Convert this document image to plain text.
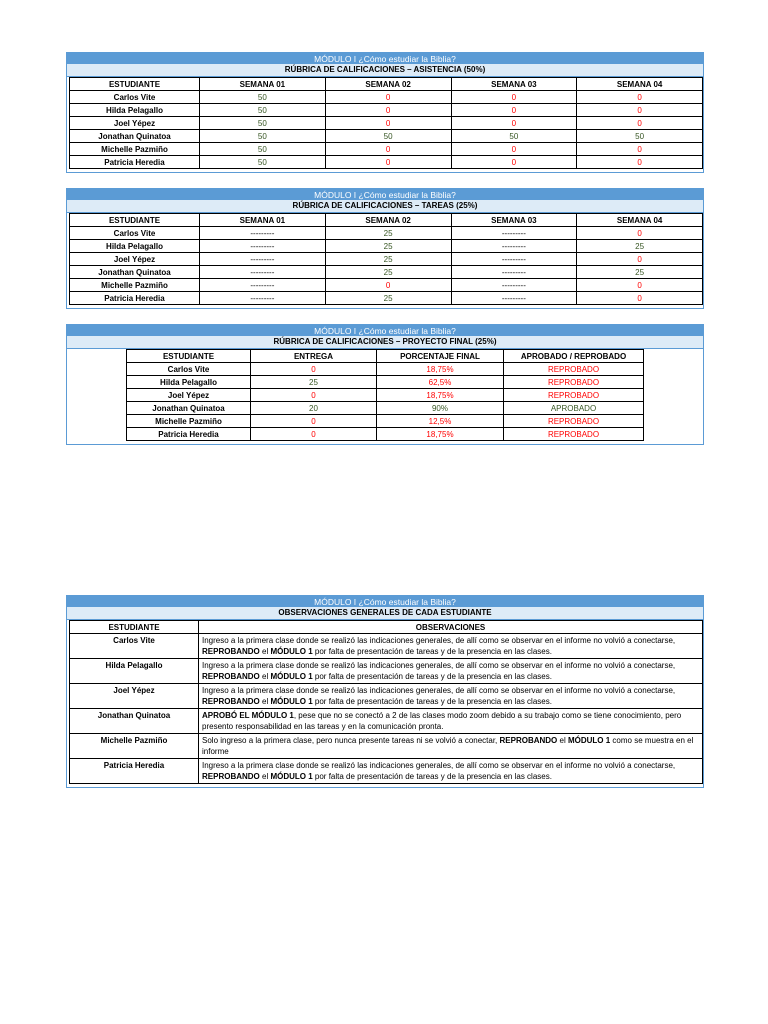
MÓDULO I ¿Cómo estudiar la Biblia?
RÚBRICA DE CALIFICACIONES – ASISTENCIA (50%)
ESTUDIANTE	SEMANA 01	SEMANA 02	SEMANA 03	SEMANA 04
Carlos Vite	50	0	0	0
Hilda Pelagallo	50	0	0	0
Joel Yépez	50	0	0	0
Jonathan Quinatoa	50	50	50	50
Michelle Pazmiño	50	0	0	0
Patricia Heredia	50	0	0	0
MÓDULO I ¿Cómo estudiar la Biblia?
RÚBRICA DE CALIFICACIONES – TAREAS (25%)
ESTUDIANTE	SEMANA 01	SEMANA 02	SEMANA 03	SEMANA 04
Carlos Vite	---------	25	---------	0
Hilda Pelagallo	---------	25	---------	25
Joel Yépez	---------	25	---------	0
Jonathan Quinatoa	---------	25	---------	25
Michelle Pazmiño	---------	0	---------	0
Patricia Heredia	---------	25	---------	0
MÓDULO I ¿Cómo estudiar la Biblia?
RÚBRICA DE CALIFICACIONES – PROYECTO FINAL (25%)
ESTUDIANTE	ENTREGA	PORCENTAJE FINAL	APROBADO / REPROBADO
Carlos Vite	0	18,75%	REPROBADO
Hilda Pelagallo	25	62,5%	REPROBADO
Joel Yépez	0	18,75%	REPROBADO
Jonathan Quinatoa	20	90%	APROBADO
Michelle Pazmiño	0	12,5%	REPROBADO
Patricia Heredia	0	18,75%	REPROBADO
MÓDULO I ¿Cómo estudiar la Biblia?
OBSERVACIONES GENERALES DE CADA ESTUDIANTE
ESTUDIANTE	OBSERVACIONES
Carlos Vite	Ingreso a la primera clase donde se realizó las indicaciones generales, de allí como se observar en el informe no volvió a conectarse, REPROBANDO el MÓDULO 1 por falta de presentación de tareas y de la presencia en las clases.
Hilda Pelagallo	Ingreso a la primera clase donde se realizó las indicaciones generales, de allí como se observar en el informe no volvió a conectarse, REPROBANDO el MÓDULO 1 por falta de presentación de tareas y de la presencia en las clases.
Joel Yépez	Ingreso a la primera clase donde se realizó las indicaciones generales, de allí como se observar en el informe no volvió a conectarse, REPROBANDO el MÓDULO 1 por falta de presentación de tareas y de la presencia en las clases.
Jonathan Quinatoa	APROBÓ EL MÓDULO 1, pese que no se conectó a 2 de las clases modo zoom debido a su trabajo como se tiene conocimiento, pero presento responsabilidad en las tareas y en la comunicación pronta.
Michelle Pazmiño	Solo ingreso a la primera clase, pero nunca presente tareas ni se volvió a conectar, REPROBANDO el MÓDULO 1 como se muestra en el informe
Patricia Heredia	Ingreso a la primera clase donde se realizó las indicaciones generales, de allí como se observar en el informe no volvió a conectarse, REPROBANDO el MÓDULO 1 por falta de presentación de tareas y de la presencia en las clases.
